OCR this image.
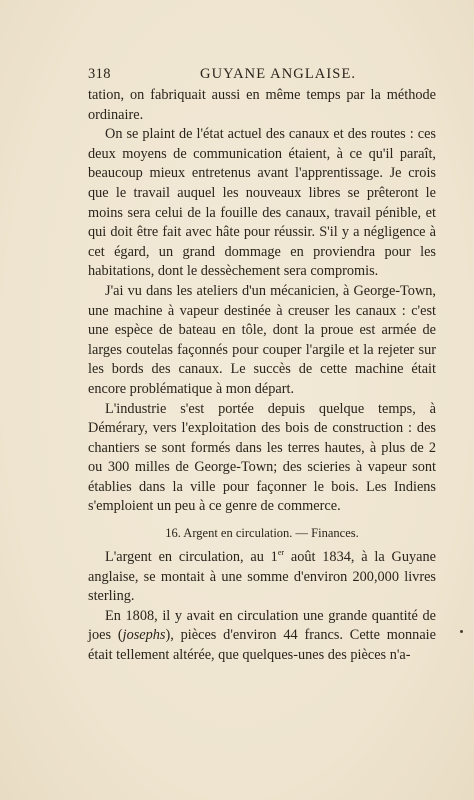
318	GUYANE ANGLAISE.

tation, on fabriquait aussi en même temps par la méthode ordinaire.

On se plaint de l'état actuel des canaux et des routes : ces deux moyens de communication étaient, à ce qu'il paraît, beaucoup mieux entretenus avant l'apprentissage. Je crois que le travail auquel les nouveaux libres se prêteront le moins sera celui de la fouille des canaux, travail pénible, et qui doit être fait avec hâte pour réussir. S'il y a négligence à cet égard, un grand dommage en proviendra pour les habitations, dont le dessèchement sera compromis.

J'ai vu dans les ateliers d'un mécanicien, à George-Town, une machine à vapeur destinée à creuser les canaux : c'est une espèce de bateau en tôle, dont la proue est armée de larges coutelas façonnés pour couper l'argile et la rejeter sur les bords des canaux. Le succès de cette machine était encore problématique à mon départ.

L'industrie s'est portée depuis quelque temps, à Démérary, vers l'exploitation des bois de construction : des chantiers se sont formés dans les terres hautes, à plus de 2 ou 300 milles de George-Town; des scieries à vapeur sont établies dans la ville pour façonner le bois. Les Indiens s'emploient un peu à ce genre de commerce.

16. Argent en circulation. — Finances.

L'argent en circulation, au 1er août 1834, à la Guyane anglaise, se montait à une somme d'environ 200,000 livres sterling.

En 1808, il y avait en circulation une grande quantité de joes (josephs), pièces d'environ 44 francs. Cette monnaie était tellement altérée, que quelques-unes des pièces n'a-
